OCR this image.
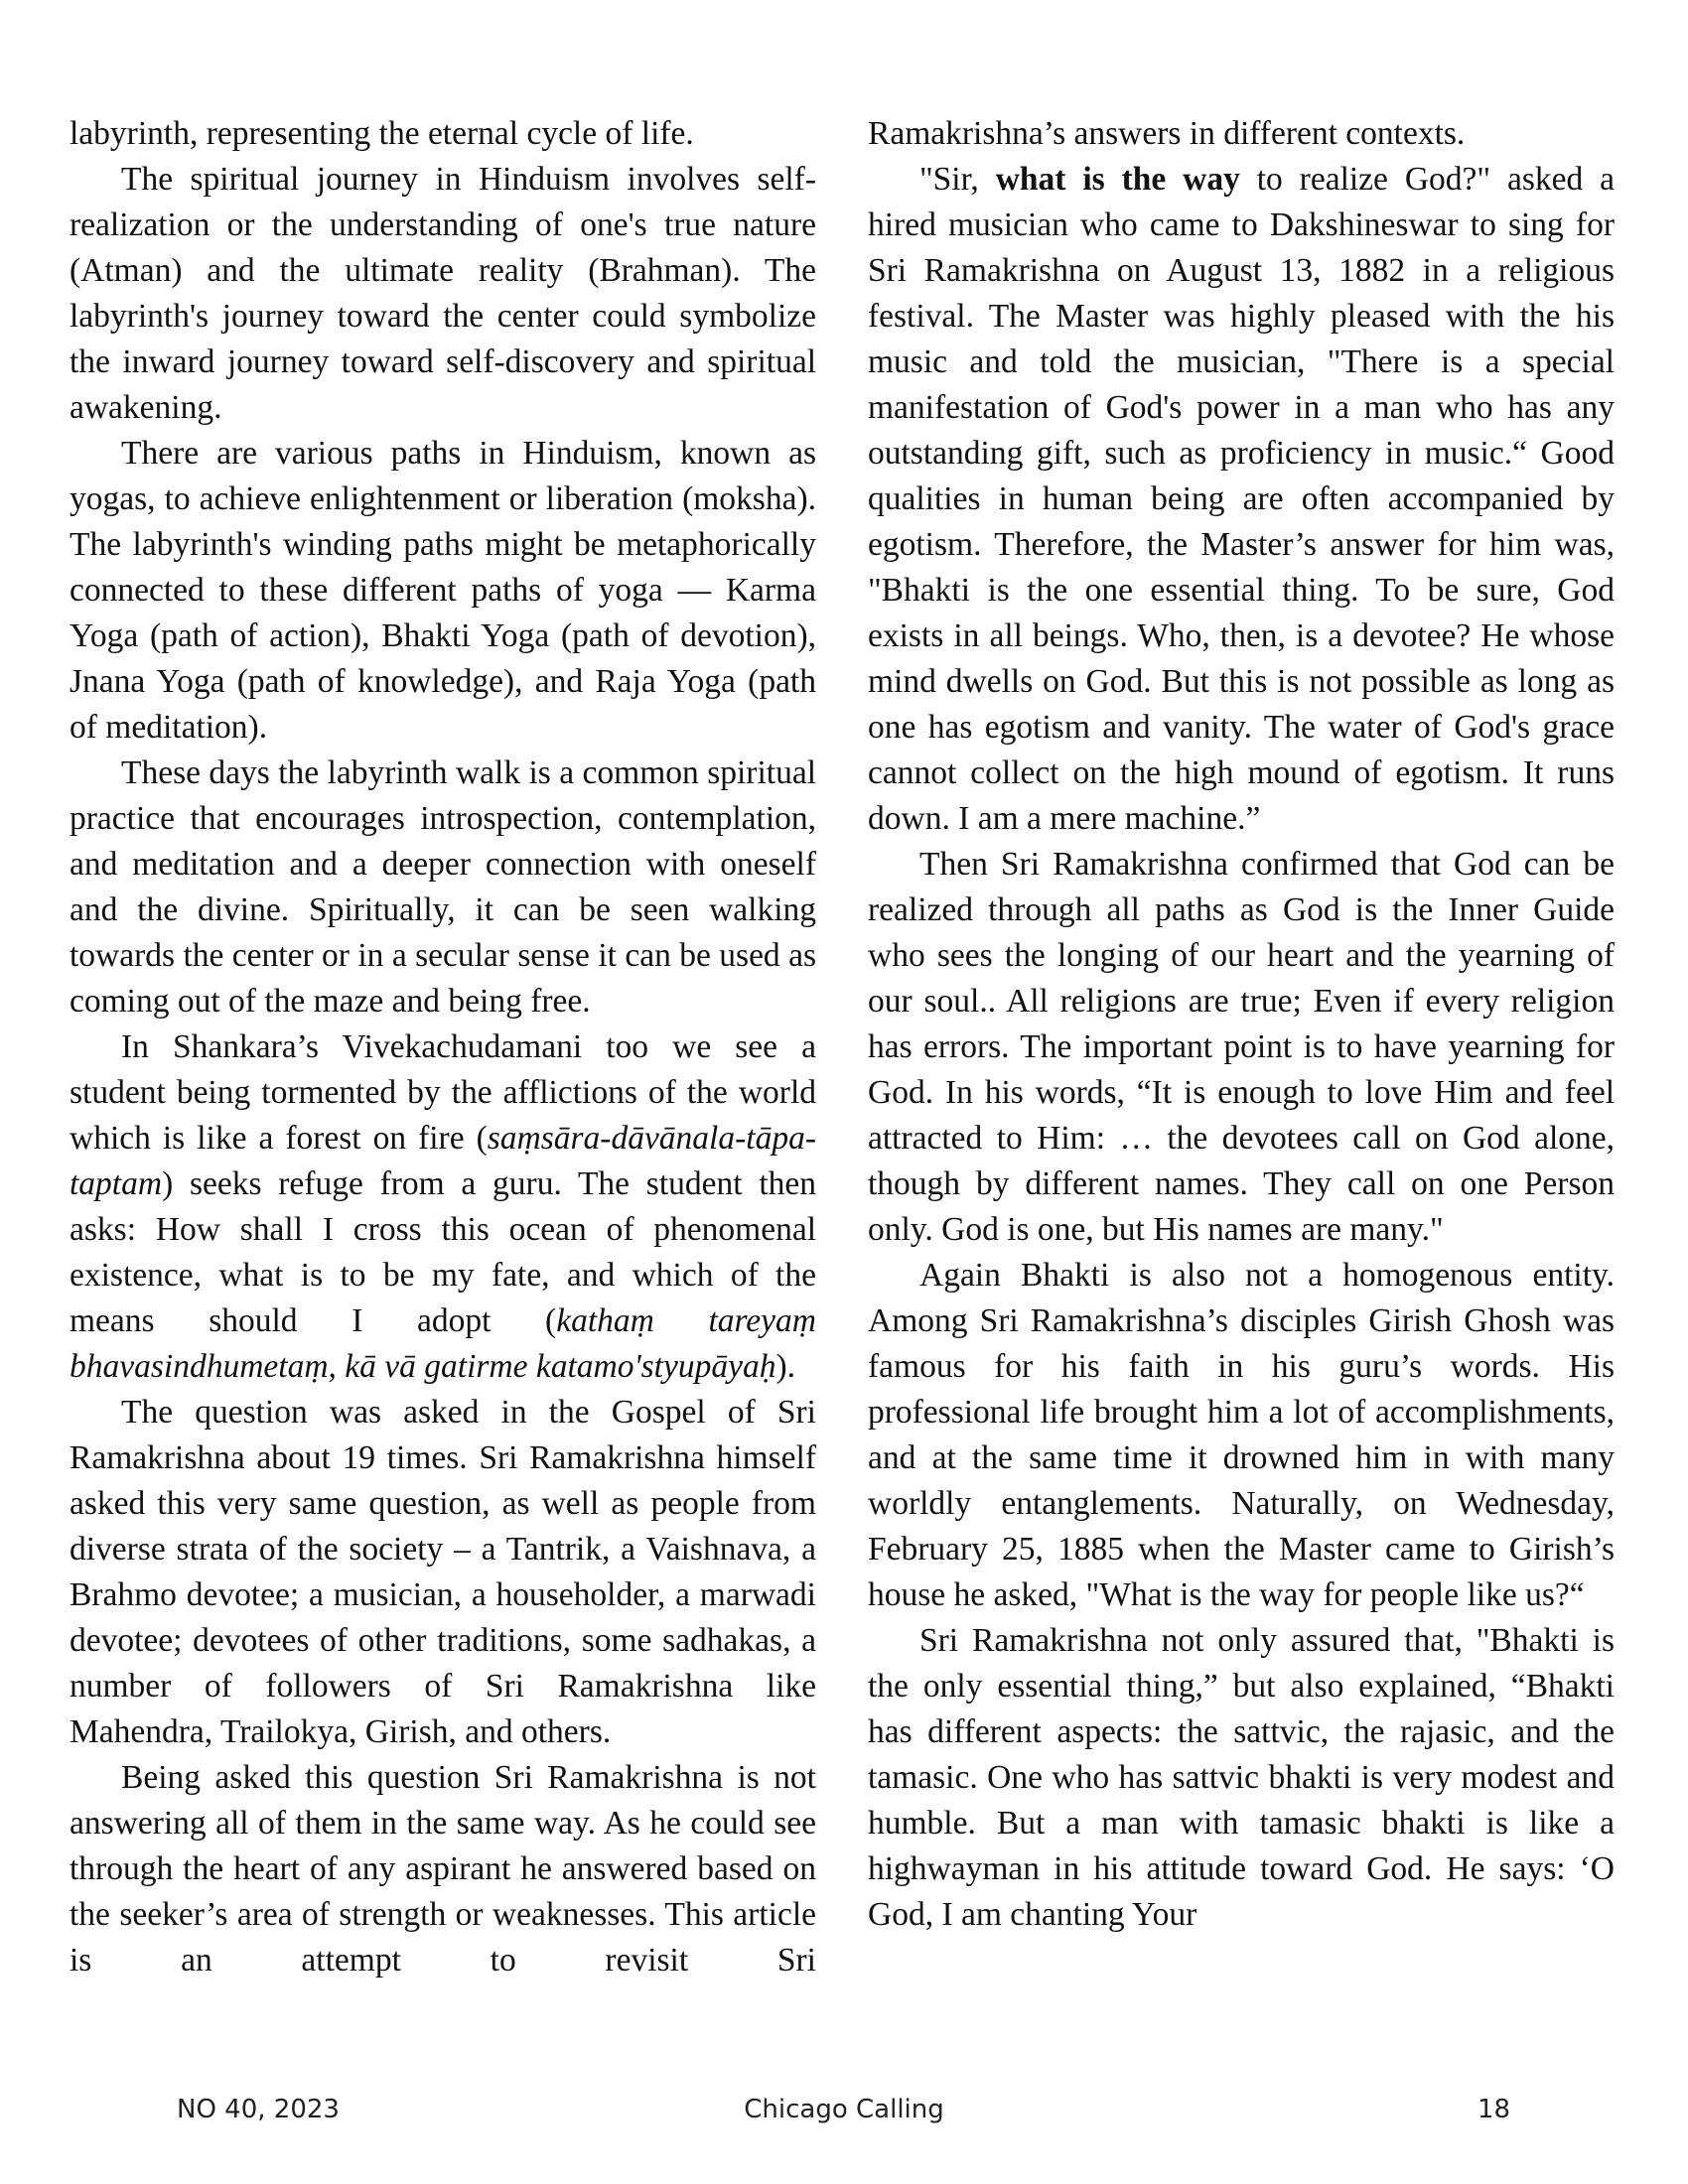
labyrinth, representing the eternal cycle of life.

The spiritual journey in Hinduism involves self-realization or the understanding of one's true nature (Atman) and the ultimate reality (Brahman). The labyrinth's journey toward the center could symbolize the inward journey toward self-discovery and spiritual awakening.

There are various paths in Hinduism, known as yogas, to achieve enlightenment or liberation (moksha). The labyrinth's winding paths might be metaphorically connected to these different paths of yoga — Karma Yoga (path of action), Bhakti Yoga (path of devotion), Jnana Yoga (path of knowledge), and Raja Yoga (path of meditation).

These days the labyrinth walk is a common spiritual practice that encourages introspection, contemplation, and meditation and a deeper connection with oneself and the divine. Spiritually, it can be seen walking towards the center or in a secular sense it can be used as coming out of the maze and being free.

In Shankara’s Vivekachudamani too we see a student being tormented by the afflictions of the world which is like a forest on fire (saṃsāra-dāvānala-tāpa-taptam) seeks refuge from a guru. The student then asks: How shall I cross this ocean of phenomenal existence, what is to be my fate, and which of the means should I adopt (kathaṃ tareyaṃ bhavasindhumetaṃ, kā vā gatirme katamo'styupāyaḥ).

The question was asked in the Gospel of Sri Ramakrishna about 19 times. Sri Ramakrishna himself asked this very same question, as well as people from diverse strata of the society – a Tantrik, a Vaishnava, a Brahmo devotee; a musician, a householder, a marwadi devotee; devotees of other traditions, some sadhakas, a number of followers of Sri Ramakrishna like Mahendra, Trailokya, Girish, and others.

Being asked this question Sri Ramakrishna is not answering all of them in the same way. As he could see through the heart of any aspirant he answered based on the seeker’s area of strength or weaknesses. This article is an attempt to revisit Sri

Ramakrishna’s answers in different contexts.

"Sir, what is the way to realize God?" asked a hired musician who came to Dakshineswar to sing for Sri Ramakrishna on August 13, 1882 in a religious festival. The Master was highly pleased with the his music and told the musician, "There is a special manifestation of God's power in a man who has any outstanding gift, such as proficiency in music.“ Good qualities in human being are often accompanied by egotism. Therefore, the Master’s answer for him was, "Bhakti is the one essential thing. To be sure, God exists in all beings. Who, then, is a devotee? He whose mind dwells on God. But this is not possible as long as one has egotism and vanity. The water of God's grace cannot collect on the high mound of egotism. It runs down. I am a mere machine.”

Then Sri Ramakrishna confirmed that God can be realized through all paths as God is the Inner Guide who sees the longing of our heart and the yearning of our soul.. All religions are true; Even if every religion has errors. The important point is to have yearning for God. In his words, “It is enough to love Him and feel attracted to Him: … the devotees call on God alone, though by different names. They call on one Person only. God is one, but His names are many."

Again Bhakti is also not a homogenous entity. Among Sri Ramakrishna’s disciples Girish Ghosh was famous for his faith in his guru’s words. His professional life brought him a lot of accomplishments, and at the same time it drowned him in with many worldly entanglements. Naturally, on Wednesday, February 25, 1885 when the Master came to Girish’s house he asked, "What is the way for people like us?“

Sri Ramakrishna not only assured that, "Bhakti is the only essential thing,” but also explained, “Bhakti has different aspects: the sattvic, the rajasic, and the tamasic. One who has sattvic bhakti is very modest and humble. But a man with tamasic bhakti is like a highwayman in his attitude toward God. He says: ‘O God, I am chanting Your

NO 40, 2023	Chicago Calling	18
